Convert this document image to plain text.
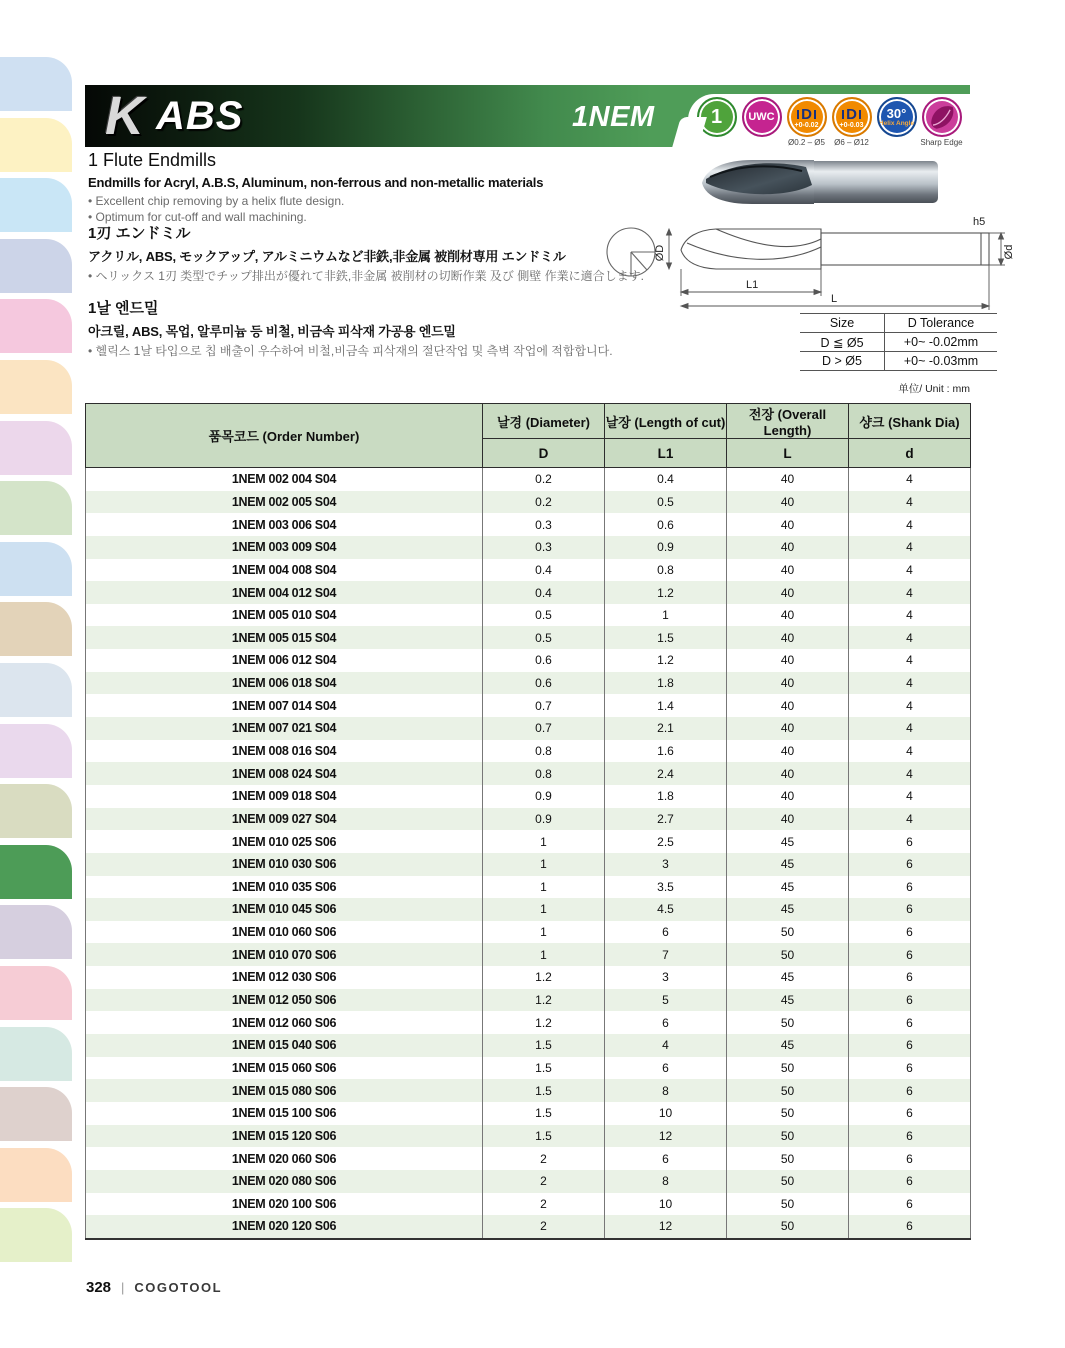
K ABS	1NEM	1
UWC
D
+0-0.02
Ø0.2 – Ø5
D
+0-0.03
Ø6 – Ø12
30°
Helix Angle

Sharp Edge
1 Flute Endmills
Endmills for Acryl, A.B.S, Aluminum, non-ferrous and non-metallic materials
• Excellent chip removing by a helix flute design.
• Optimum for cut-off and wall machining.
1刃 エンドミル
アクリル, ABS, モックアップ, アルミニウムなど非鉄,非金属 被削材専用 エンドミル
• ヘリックス 1刃 类型でチップ排出が優れて非鉄,非金属 被削材の切断作業 及び 側壁 作業に適合します.
1날 엔드밀
아크릴, ABS, 목업, 알루미늄 등 비철, 비금속 피삭재 가공용 엔드밀
• 헬릭스 1날 타입으로 칩 배출이 우수하여 비철,비금속 피삭재의 절단작업 및 측벽 작업에 적합합니다.
ØD	Ød
h5
L1
L
Size	D Tolerance
D ≦ Ø5	+0~ -0.02mm
D > Ø5	+0~ -0.03mm
单位/ Unit : mm
품목코드 (Order Number)	날경 (Diameter)	날장 (Length of cut)	전장 (Overall Length)	샹크 (Shank Dia)
	D	L1	L	d
1NEM 002 004 S04	0.2	0.4	40	4
1NEM 002 005 S04	0.2	0.5	40	4
1NEM 003 006 S04	0.3	0.6	40	4
1NEM 003 009 S04	0.3	0.9	40	4
1NEM 004 008 S04	0.4	0.8	40	4
1NEM 004 012 S04	0.4	1.2	40	4
1NEM 005 010 S04	0.5	1	40	4
1NEM 005 015 S04	0.5	1.5	40	4
1NEM 006 012 S04	0.6	1.2	40	4
1NEM 006 018 S04	0.6	1.8	40	4
1NEM 007 014 S04	0.7	1.4	40	4
1NEM 007 021 S04	0.7	2.1	40	4
1NEM 008 016 S04	0.8	1.6	40	4
1NEM 008 024 S04	0.8	2.4	40	4
1NEM 009 018 S04	0.9	1.8	40	4
1NEM 009 027 S04	0.9	2.7	40	4
1NEM 010 025 S06	1	2.5	45	6
1NEM 010 030 S06	1	3	45	6
1NEM 010 035 S06	1	3.5	45	6
1NEM 010 045 S06	1	4.5	45	6
1NEM 010 060 S06	1	6	50	6
1NEM 010 070 S06	1	7	50	6
1NEM 012 030 S06	1.2	3	45	6
1NEM 012 050 S06	1.2	5	45	6
1NEM 012 060 S06	1.2	6	50	6
1NEM 015 040 S06	1.5	4	45	6
1NEM 015 060 S06	1.5	6	50	6
1NEM 015 080 S06	1.5	8	50	6
1NEM 015 100 S06	1.5	10	50	6
1NEM 015 120 S06	1.5	12	50	6
1NEM 020 060 S06	2	6	50	6
1NEM 020 080 S06	2	8	50	6
1NEM 020 100 S06	2	10	50	6
1NEM 020 120 S06	2	12	50	6
328 | COGOTOOL
